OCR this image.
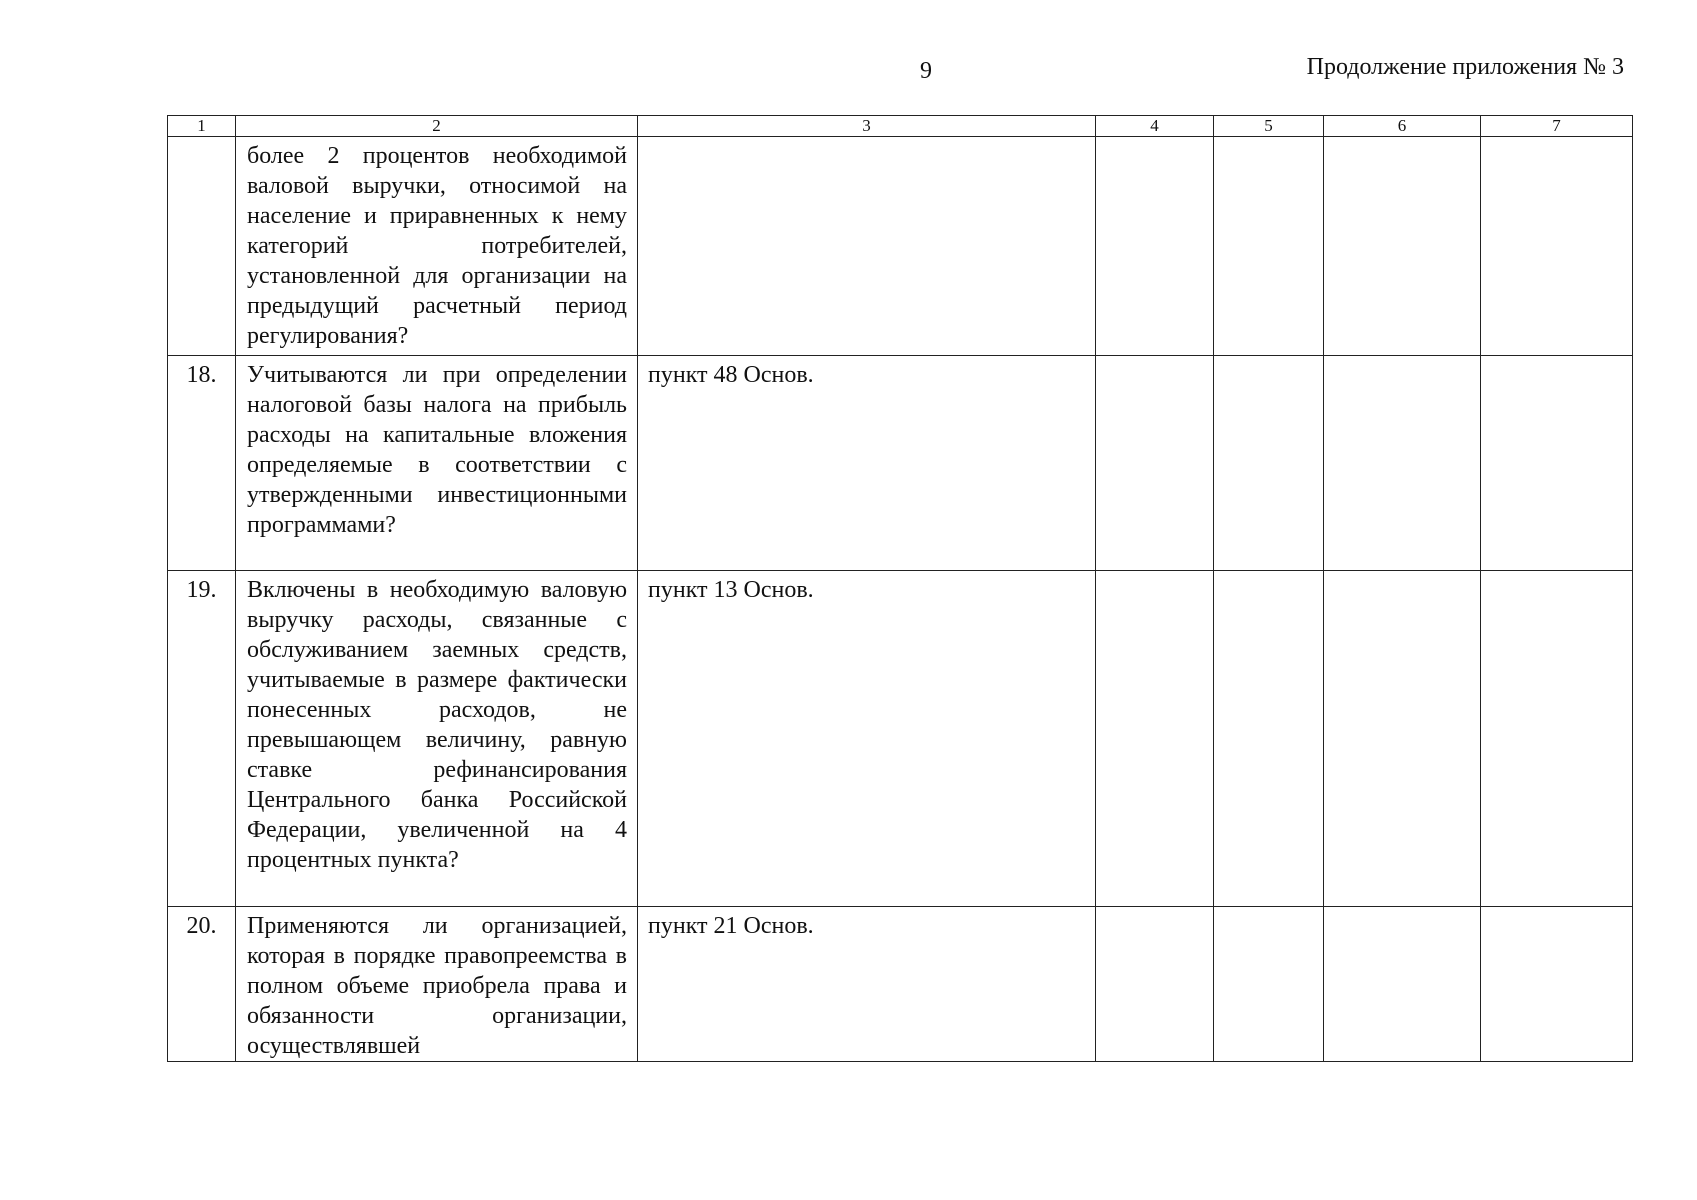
9	Продолжение приложения № 3
1	2	3	4	5	6	7

	более 2 процентов необходимой валовой выручки, относимой на население и приравненных к нему категорий потребителей, установленной для организации на предыдущий расчетный период регулирования?					

18.	Учитываются ли при определении налоговой базы налога на прибыль расходы на капитальные вложения определяемые в соответствии с утвержденными инвестиционными программами?	пункт 48 Основ.				
19.	Включены в необходимую валовую выручку расходы, связанные с обслуживанием заемных средств, учитываемые в размере фактически понесенных расходов, не превышающем величину, равную ставке рефинансирования Центрального банка Российской Федерации, увеличенной на 4 процентных пункта?	пункт 13 Основ.				
20.	Применяются ли организацией, которая в порядке правопреемства в полном объеме приобрела права и обязанности организации, осуществлявшей	пункт 21 Основ.				
